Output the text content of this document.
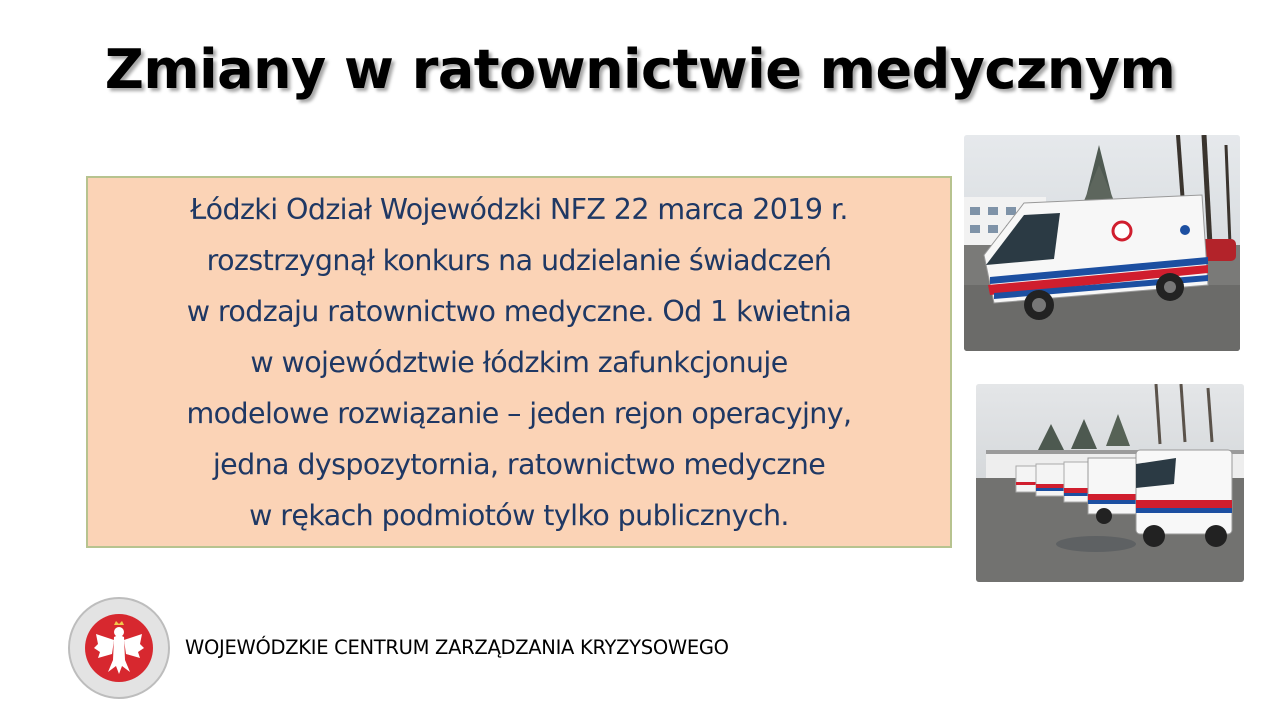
Zmiany w ratownictwie medycznym
Łódzki Odział Wojewódzki NFZ 22 marca 2019 r.
rozstrzygnął konkurs na udzielanie świadczeń
w rodzaju ratownictwo medyczne. Od 1 kwietnia
w województwie łódzkim zafunkcjonuje
modelowe rozwiązanie – jeden rejon operacyjny,
jedna dyspozytornia, ratownictwo medyczne
w rękach podmiotów tylko publicznych.
WOJEWÓDZKIE CENTRUM ZARZĄDZANIA KRYZYSOWEGO
